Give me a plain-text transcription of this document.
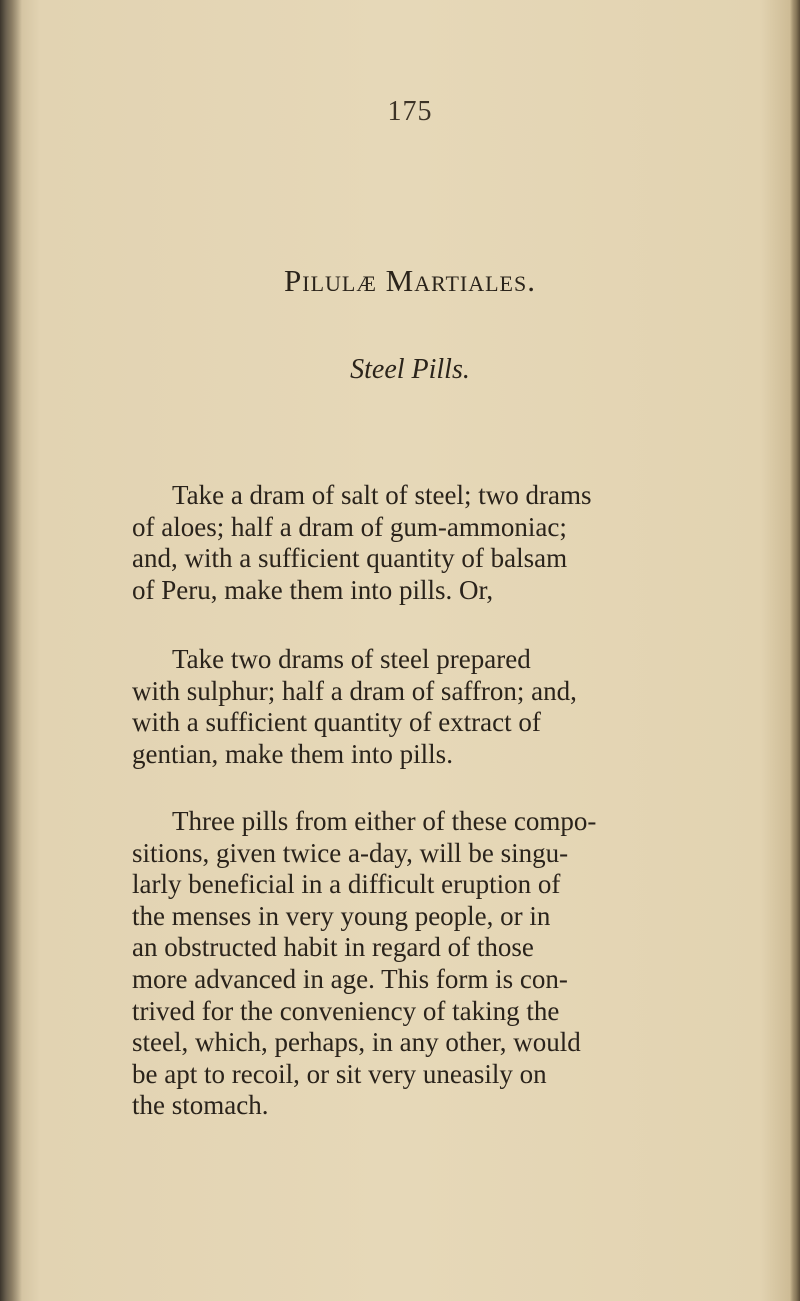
175
Pilulæ Martiales.
Steel Pills.
Take a dram of salt of steel; two drams
of aloes; half a dram of gum-ammoniac;
and, with a sufficient quantity of balsam
of Peru, make them into pills. Or,
Take two drams of steel prepared
with sulphur; half a dram of saffron; and,
with a sufficient quantity of extract of
gentian, make them into pills.
Three pills from either of these compo-
sitions, given twice a-day, will be singu-
larly beneficial in a difficult eruption of
the menses in very young people, or in
an obstructed habit in regard of those
more advanced in age. This form is con-
trived for the conveniency of taking the
steel, which, perhaps, in any other, would
be apt to recoil, or sit very uneasily on
the stomach.
